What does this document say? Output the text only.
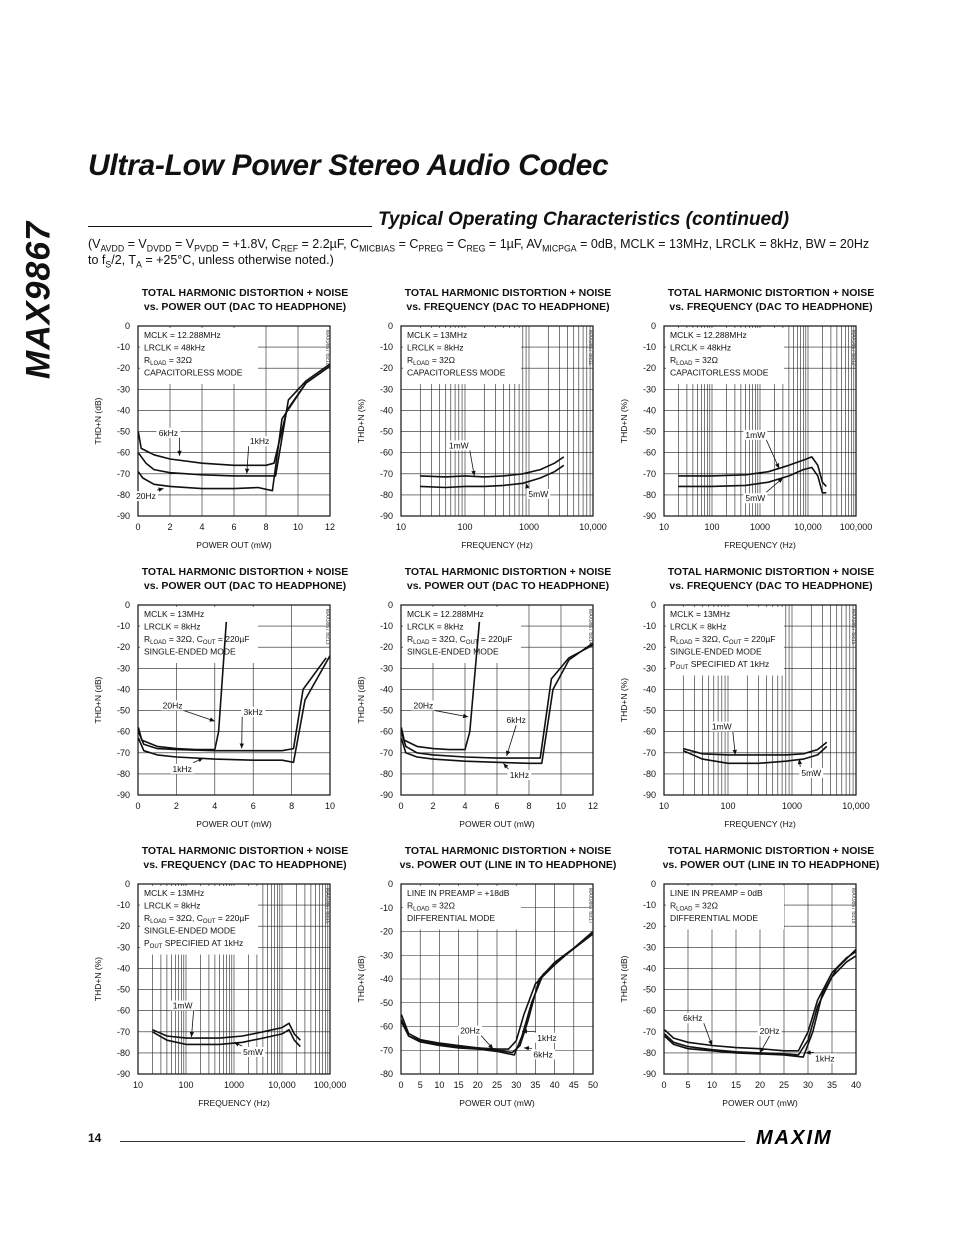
MAX9867
Ultra-Low Power Stereo Audio Codec
Typical Operating Characteristics (continued)
($V_{AVDD} = V_{DVDD} = V_{PVDD} = +1.8V$, $C_{REF} = 2.2\mu F$, $C_{MICBIAS} = C_{PREG} = C_{REG} = 1\mu F$, $AV_{MICPGA} = 0dB$, MCLK = 13MHz, LRCLK = 8kHz, BW = 20Hz to $f_S/2$, $T_A = +25^\circ C$, unless otherwise noted.)
TOTAL HARMONIC DISTORTION + NOISE
vs. POWER OUT (DAC TO HEADPHONE)
0
-10
-20
-30
-40
-50
-60
-70
-80
-90
0	2	4	6	8	10 12
POWER OUT (mW)
THD+N (dB)
MAX9867 toc10
MCLK = 12.288MHz
LRCLK = 48kHz
$R_{LOAD} = 32\Omega$
CAPACITORLESS MODE
6kHz
1kHz
20Hz
TOTAL HARMONIC DISTORTION + NOISE
vs. FREQUENCY (DAC TO HEADPHONE)
0
-10
-20
-30
-40
-50
-60
-70
-80
-90
10	100	1000	10,000
FREQUENCY (Hz)
THD+N (%)
MAX9867 toc11
MCLK = 13MHz
LRCLK = 8kHz
$R_{LOAD} = 32\Omega$
CAPACITORLESS MODE
1mW
5mW
TOTAL HARMONIC DISTORTION + NOISE
vs. FREQUENCY (DAC TO HEADPHONE)
0
-10
-20
-30
-40
-50
-60
-70
-80
-90
10	100	1000	10,000 100,000
FREQUENCY (Hz)
THD+N (%)
MAX9867 toc12
MCLK = 12.288MHz
LRCLK = 48kHz
$R_{LOAD} = 32\Omega$
CAPACITORLESS MODE
1mW
5mW
TOTAL HARMONIC DISTORTION + NOISE
vs. POWER OUT (DAC TO HEADPHONE)
0
-10
-20
-30
-40
-50
-60
-70
-80
-90
0	2	4	6	8	10
POWER OUT (mW)
THD+N (dB)
MAX9867 toc13
MCLK = 13MHz
LRCLK = 8kHz
$R_{LOAD} = 32\Omega$, $C_{OUT} = 220\mu F$
SINGLE-ENDED MODE
20Hz
3kHz
1kHz
TOTAL HARMONIC DISTORTION + NOISE
vs. POWER OUT (DAC TO HEADPHONE)
0
-10
-20
-30
-40
-50
-60
-70
-80
-90
0	2	4	6	8	10 12
POWER OUT (mW)
THD+N (dB)
MAX9867 toc14
MCLK = 12.288MHz
LRCLK = 8kHz
$R_{LOAD} = 32\Omega$, $C_{OUT} = 220\mu F$
SINGLE-ENDED MODE
20Hz
6kHz
1kHz
TOTAL HARMONIC DISTORTION + NOISE
vs. FREQUENCY (DAC TO HEADPHONE)
0
-10
-20
-30
-40
-50
-60
-70
-80
-90
10	100	1000	10,000
FREQUENCY (Hz)
THD+N (%)
MAX9867 toc15
MCLK = 13MHz
LRCLK = 8kHz
$R_{LOAD} = 32\Omega$, $C_{OUT} = 220\mu F$
SINGLE-ENDED MODE
$P_{OUT}$ SPECIFIED AT 1kHz
1mW
5mW
TOTAL HARMONIC DISTORTION + NOISE
vs. FREQUENCY (DAC TO HEADPHONE)
0
-10
-20
-30
-40
-50
-60
-70
-80
-90
10	100	1000	10,000 100,000
FREQUENCY (Hz)
THD+N (%)
MAX9867 toc16
MCLK = 13MHz
LRCLK = 8kHz
$R_{LOAD} = 32\Omega$, $C_{OUT} = 220\mu F$
SINGLE-ENDED MODE
$P_{OUT}$ SPECIFIED AT 1kHz
1mW
5mW
TOTAL HARMONIC DISTORTION + NOISE
vs. POWER OUT (LINE IN TO HEADPHONE)
0
-10
-20
-30
-40
-50
-60
-70
-80
0 5 10 15 20 25 30 35 40 45 50
POWER OUT (mW)
THD+N (dB)
MAX9867 toc17
LINE IN PREAMP = +18dB
$R_{LOAD} = 32\Omega$
DIFFERENTIAL MODE
20Hz
1kHz
6kHz
TOTAL HARMONIC DISTORTION + NOISE
vs. POWER OUT (LINE IN TO HEADPHONE)
0
-10
-20
-30
-40
-50
-60
-70
-80
-90
0 5 10 15 20 25 30 35 40
POWER OUT (mW)
THD+N (dB)
MAX9867 toc18
LINE IN PREAMP = 0dB
$R_{LOAD} = 32\Omega$
DIFFERENTIAL MODE
6kHz
20Hz
1kHz
14	MAXIM
